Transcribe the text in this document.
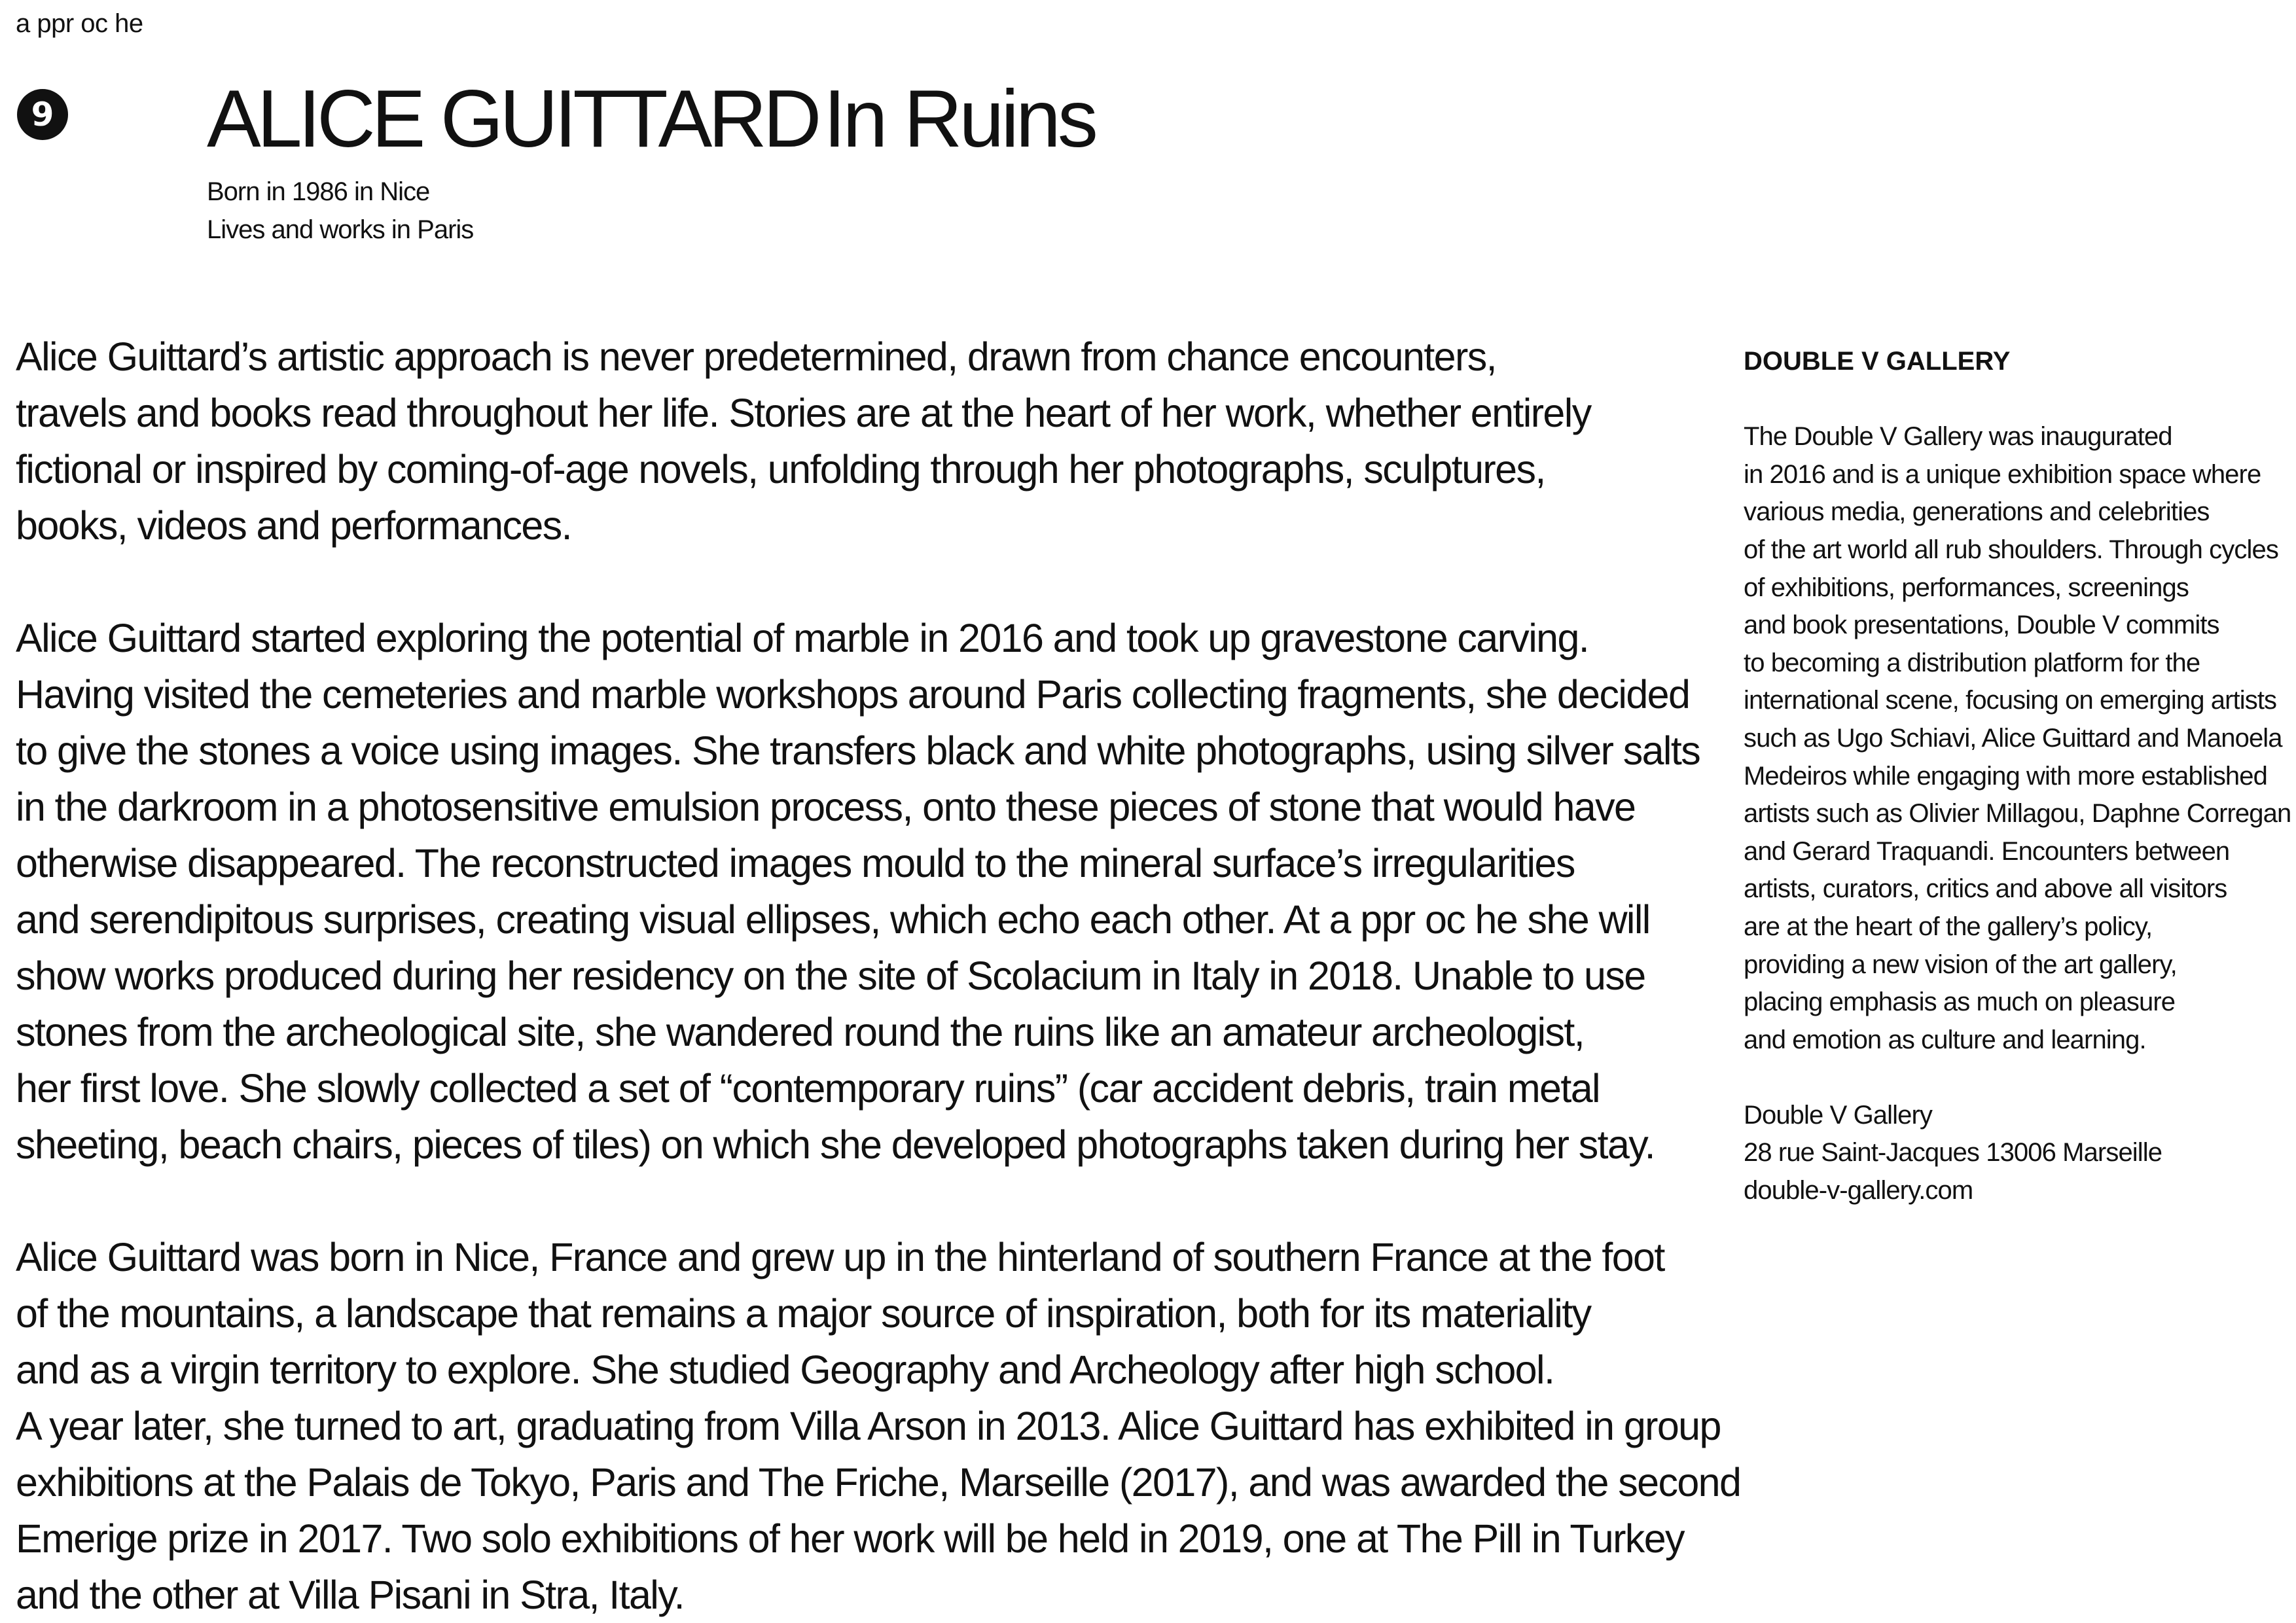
a ppr oc he
9 ALICE GUITTARD In Ruins
Born in 1986 in Nice
Lives and works in Paris
Alice Guittard’s artistic approach is never predetermined, drawn from chance encounters,
travels and books read throughout her life. Stories are at the heart of her work, whether entirely
fictional or inspired by coming-of-age novels, unfolding through her photographs, sculptures,
books, videos and performances.
Alice Guittard started exploring the potential of marble in 2016 and took up gravestone carving.
Having visited the cemeteries and marble workshops around Paris collecting fragments, she decided
to give the stones a voice using images. She transfers black and white photographs, using silver salts
in the darkroom in a photosensitive emulsion process, onto these pieces of stone that would have
otherwise disappeared. The reconstructed images mould to the mineral surface’s irregularities
and serendipitous surprises, creating visual ellipses, which echo each other. At a ppr oc he she will
show works produced during her residency on the site of Scolacium in Italy in 2018. Unable to use
stones from the archeological site, she wandered round the ruins like an amateur archeologist,
her first love. She slowly collected a set of “contemporary ruins” (car accident debris, train metal
sheeting, beach chairs, pieces of tiles) on which she developed photographs taken during her stay.
Alice Guittard was born in Nice, France and grew up in the hinterland of southern France at the foot
of the mountains, a landscape that remains a major source of inspiration, both for its materiality
and as a virgin territory to explore. She studied Geography and Archeology after high school.
A year later, she turned to art, graduating from Villa Arson in 2013. Alice Guittard has exhibited in group
exhibitions at the Palais de Tokyo, Paris and The Friche, Marseille (2017), and was awarded the second
Emerige prize in 2017. Two solo exhibitions of her work will be held in 2019, one at The Pill in Turkey
and the other at Villa Pisani in Stra, Italy.
DOUBLE V GALLERY
The Double V Gallery was inaugurated
in 2016 and is a unique exhibition space where
various media, generations and celebrities
of the art world all rub shoulders. Through cycles
of exhibitions, performances, screenings
and book presentations, Double V commits
to becoming a distribution platform for the
international scene, focusing on emerging artists
such as Ugo Schiavi, Alice Guittard and Manoela
Medeiros while engaging with more established
artists such as Olivier Millagou, Daphne Corregan
and Gerard Traquandi. Encounters between
artists, curators, critics and above all visitors
are at the heart of the gallery’s policy,
providing a new vision of the art gallery,
placing emphasis as much on pleasure
and emotion as culture and learning.
Double V Gallery
28 rue Saint-Jacques 13006 Marseille
double-v-gallery.com
